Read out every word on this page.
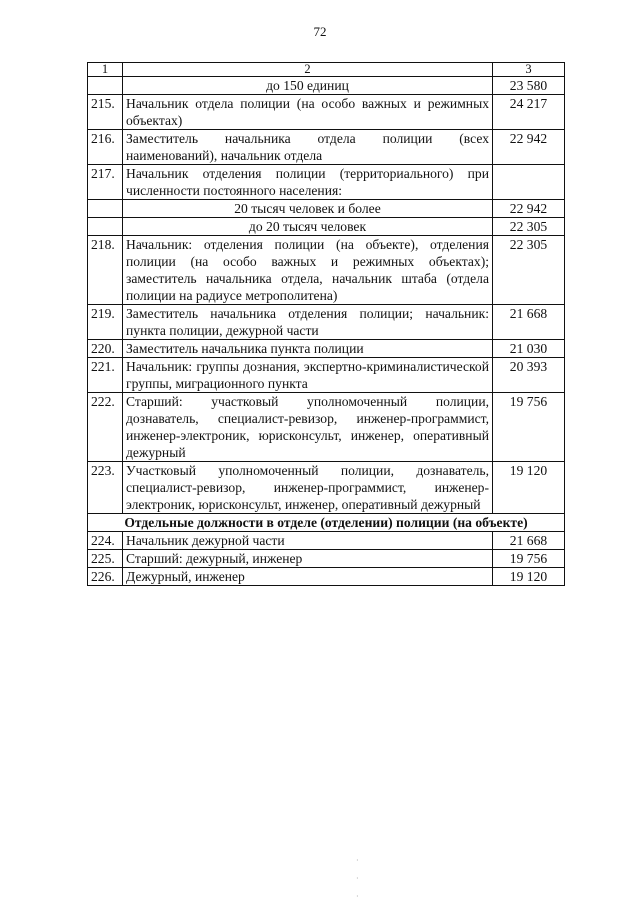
72
1	2	3
	до 150 единиц	23 580
215.	Начальник отдела полиции (на особо важных и режимных объектах)	24 217
216.	Заместитель начальника отдела полиции (всех наименований), начальник отдела	22 942
217.	Начальник отделения полиции (территориального) при численности постоянного населения:	
	20 тысяч человек и более	22 942
	до 20 тысяч человек	22 305
218.	Начальник: отделения полиции (на объекте), отделения полиции (на особо важных и режимных объектах); заместитель начальника отдела, начальник штаба (отдела полиции на радиусе метрополитена)	22 305
219.	Заместитель начальника отделения полиции; начальник: пункта полиции, дежурной части	21 668
220.	Заместитель начальника пункта полиции	21 030
221.	Начальник: группы дознания, экспертно-криминалистической группы, миграционного пункта	20 393
222.	Старший: участковый уполномоченный полиции, дознаватель, специалист-ревизор, инженер-программист, инженер-электроник, юрисконсульт, инженер, оперативный дежурный	19 756
223.	Участковый уполномоченный полиции, дознаватель, специалист-ревизор, инженер-программист, инженер-электроник, юрисконсульт, инженер, оперативный дежурный	19 120
Отдельные должности в отделе (отделении) полиции (на объекте)		
224.	Начальник дежурной части	21 668
225.	Старший: дежурный, инженер	19 756
226.	Дежурный, инженер	19 120
·

·

·
